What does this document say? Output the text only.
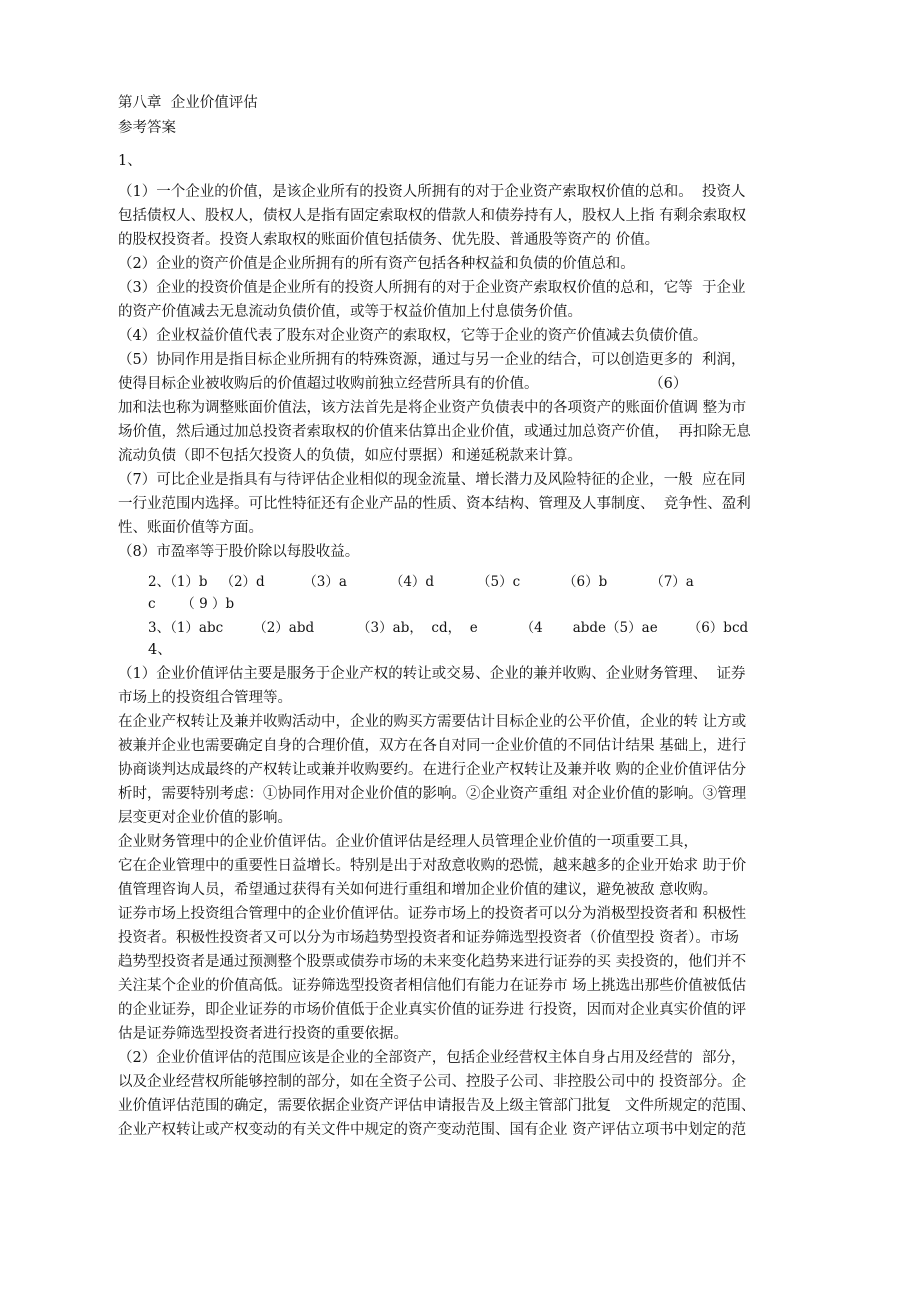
第八章  企业价值评估
参考答案
1、
（1）一个企业的价值，是该企业所有的投资人所拥有的对于企业资产索取权价值的总和。  投资人
包括债权人、股权人，债权人是指有固定索取权的借款人和债券持有人，股权人上指 有剩余索取权
的股权投资者。投资人索取权的账面价值包括债务、优先股、普通股等资产的 价值。
（2）企业的资产价值是企业所拥有的所有资产包括各种权益和负债的价值总和。
（3）企业的投资价值是企业所有的投资人所拥有的对于企业资产索取权价值的总和，它等  于企业
的资产价值减去无息流动负债价值，或等于权益价值加上付息债务价值。
（4）企业权益价值代表了股东对企业资产的索取权，它等于企业的资产价值减去负债价值。
（5）协同作用是指目标企业所拥有的特殊资源，通过与另一企业的结合，可以创造更多的  利润，
使得目标企业被收购后的价值超过收购前独立经营所具有的价值。                        （6）
加和法也称为调整账面价值法，该方法首先是将企业资产负债表中的各项资产的账面价值调 整为市
场价值，然后通过加总投资者索取权的价值来估算出企业价值，或通过加总资产价值，  再扣除无息
流动负债（即不包括欠投资人的负债，如应付票据）和递延税款来计算。
（7）可比企业是指具有与待评估企业相似的现金流量、增长潜力及风险特征的企业，一般  应在同
一行业范围内选择。可比性特征还有企业产品的性质、资本结构、管理及人事制度、  竞争性、盈利
性、账面价值等方面。
（8）市盈率等于股价除以每股收益。
2、（1）b   （2）d         （3）a          （4）d          （5）c          （6）b          （7）a
c      （ 9 ）b
3、（1）abc       （2）abd          （3）ab，  cd，  e          （4       abde（5）ae       （6）bcd
4、
（1）企业价值评估主要是服务于企业产权的转让或交易、企业的兼并收购、企业财务管理、  证券
市场上的投资组合管理等。
在企业产权转让及兼并收购活动中，企业的购买方需要估计目标企业的公平价值，企业的转 让方或
被兼并企业也需要确定自身的合理价值，双方在各自对同一企业价值的不同估计结果 基础上，进行
协商谈判达成最终的产权转让或兼并收购要约。在进行企业产权转让及兼并收 购的企业价值评估分
析时，需要特别考虑：①协同作用对企业价值的影响。②企业资产重组 对企业价值的影响。③管理
层变更对企业价值的影响。
企业财务管理中的企业价值评估。企业价值评估是经理人员管理企业价值的一项重要工具，
它在企业管理中的重要性日益增长。特别是出于对敌意收购的恐慌，越来越多的企业开始求 助于价
值管理咨询人员，希望通过获得有关如何进行重组和增加企业价值的建议，避免被敌 意收购。
证券市场上投资组合管理中的企业价值评估。证券市场上的投资者可以分为消极型投资者和 积极性
投资者。积极性投资者又可以分为市场趋势型投资者和证券筛选型投资者（价值型投 资者）。市场
趋势型投资者是通过预测整个股票或债券市场的未来变化趋势来进行证券的买 卖投资的，他们并不
关注某个企业的价值高低。证券筛选型投资者相信他们有能力在证券市 场上挑选出那些价值被低估
的企业证券，即企业证券的市场价值低于企业真实价值的证券进 行投资，因而对企业真实价值的评
估是证券筛选型投资者进行投资的重要依据。
（2）企业价值评估的范围应该是企业的全部资产，包括企业经营权主体自身占用及经营的  部分，
以及企业经营权所能够控制的部分，如在全资子公司、控股子公司、非控股公司中的 投资部分。企
业价值评估范围的确定，需要依据企业资产评估申请报告及上级主管部门批复   文件所规定的范围、
企业产权转让或产权变动的有关文件中规定的资产变动范围、国有企业 资产评估立项书中划定的范
